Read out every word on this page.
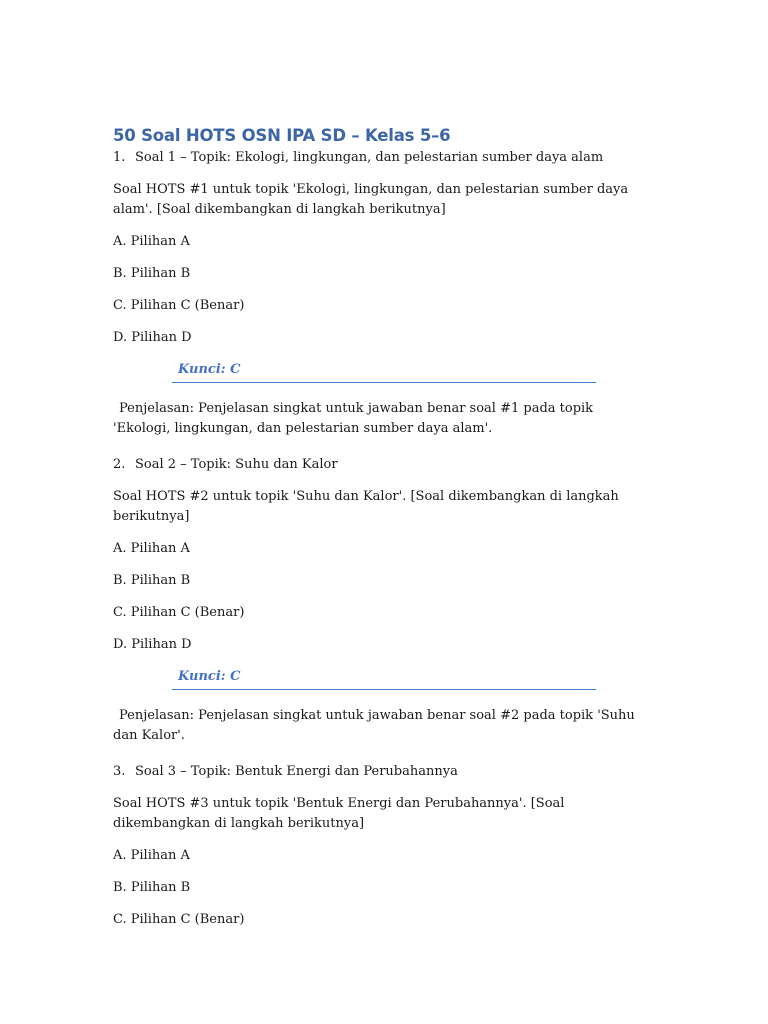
50 Soal HOTS OSN IPA SD – Kelas 5–6
1. Soal 1 – Topik: Ekologi, lingkungan, dan pelestarian sumber daya alam

Soal HOTS #1 untuk topik 'Ekologi, lingkungan, dan pelestarian sumber daya alam'. [Soal dikembangkan di langkah berikutnya]

A. Pilihan A

B. Pilihan B

C. Pilihan C (Benar)

D. Pilihan D

Kunci: C

Penjelasan: Penjelasan singkat untuk jawaban benar soal #1 pada topik 'Ekologi, lingkungan, dan pelestarian sumber daya alam'.

2. Soal 2 – Topik: Suhu dan Kalor

Soal HOTS #2 untuk topik 'Suhu dan Kalor'. [Soal dikembangkan di langkah berikutnya]

A. Pilihan A

B. Pilihan B

C. Pilihan C (Benar)

D. Pilihan D

Kunci: C

Penjelasan: Penjelasan singkat untuk jawaban benar soal #2 pada topik 'Suhu dan Kalor'.

3. Soal 3 – Topik: Bentuk Energi dan Perubahannya

Soal HOTS #3 untuk topik 'Bentuk Energi dan Perubahannya'. [Soal dikembangkan di langkah berikutnya]

A. Pilihan A

B. Pilihan B

C. Pilihan C (Benar)
